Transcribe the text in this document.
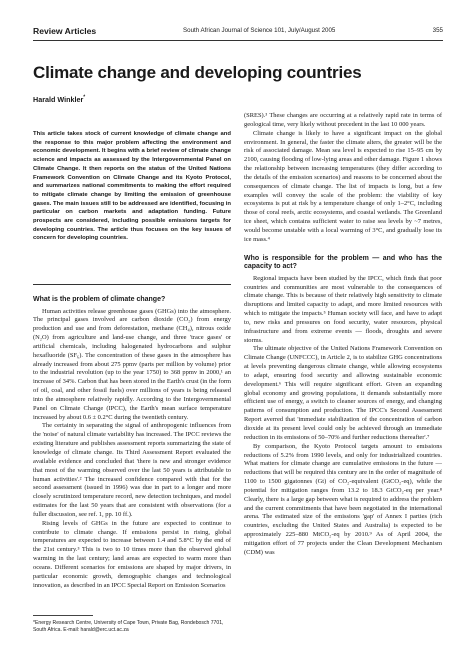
Review Articles	South African Journal of Science 101, July/August 2005	355
Climate change and developing countries
Harald Winkler*
This article takes stock of current knowledge of climate change and the response to this major problem affecting the environment and economic development. It begins with a brief review of climate change science and impacts as assessed by the Intergovernmental Panel on Climate Change. It then reports on the status of the United Nations Framework Convention on Climate Change and its Kyoto Protocol, and summarizes national commitments to making the effort required to mitigate climate change by limiting the emission of greenhouse gases. The main issues still to be addressed are identified, focusing in particular on carbon markets and adaptation funding. Future prospects are considered, including possible emissions targets for developing countries. The article thus focuses on the key issues of concern for developing countries.
What is the problem of climate change?

Human activities release greenhouse gases (GHGs) into the atmosphere. The principal gases involved are carbon dioxide (CO₂) from energy production and use and from deforestation, methane (CH₄), nitrous oxide (N₂O) from agriculture and land-use change, and three 'trace gases' or artificial chemicals, including halogenated hydrocarbons and sulphur hexafluoride (SF₆). The concentration of these gases in the atmosphere has already increased from about 275 ppmv (parts per million by volume) prior to the industrial revolution (up to the year 1750) to 368 ppmv in 2000,¹ an increase of 34%. Carbon that has been stored in the Earth's crust (in the form of oil, coal, and other fossil fuels) over millions of years is being released into the atmosphere relatively rapidly. According to the Intergovernmental Panel on Climate Change (IPCC), the Earth's mean surface temperature increased by about 0.6 ± 0.2°C during the twentieth century.

The certainty in separating the signal of anthropogenic influences from the 'noise' of natural climate variability has increased. The IPCC reviews the existing literature and publishes assessment reports summarizing the state of knowledge of climate change. Its Third Assessment Report evaluated the available evidence and concluded that 'there is new and stronger evidence that most of the warming observed over the last 50 years is attributable to human activities'.² The increased confidence compared with that for the second assessment (issued in 1996) was due in part to a longer and more closely scrutinized temperature record, new detection techniques, and model estimates for the last 50 years that are consistent with observations (for a fuller discussion, see ref. 1, pp. 10 ff.).

Rising levels of GHGs in the future are expected to continue to contribute to climate change. If emissions persist in rising, global temperatures are expected to increase between 1.4 and 5.8°C by the end of the 21st century.³ This is two to 10 times more than the observed global warming in the last century; land areas are expected to warm more than oceans. Different scenarios for emissions are shaped by major drivers, in particular economic growth, demographic changes and technological innovation, as described in an IPCC Special Report on Emission Scenarios

*Energy Research Centre, University of Cape Town, Private Bag, Rondebosch 7701, South Africa. E-mail: harald@erc.uct.ac.za

(SRES).³ These changes are occurring at a relatively rapid rate in terms of geological time, very likely without precedent in the last 10 000 years.

Climate change is likely to have a significant impact on the global environment. In general, the faster the climate alters, the greater will be the risk of associated damage. Mean sea level is expected to rise 15–95 cm by 2100, causing flooding of low-lying areas and other damage. Figure 1 shows the relationship between increasing temperatures (they differ according to the details of the emission scenarios) and reasons to be concerned about the consequences of climate change. The list of impacts is long, but a few examples will convey the scale of the problem: the viability of key ecosystems is put at risk by a temperature change of only 1–2°C, including those of coral reefs, arctic ecosystems, and coastal wetlands. The Greenland ice sheet, which contains sufficient water to raise sea levels by ~7 metres, would become unstable with a local warming of 3°C, and gradually lose its ice mass.⁴

Who is responsible for the problem — and who has the capacity to act?

Regional impacts have been studied by the IPCC, which finds that poor countries and communities are most vulnerable to the consequences of climate change. This is because of their relatively high sensitivity to climate disruptions and limited capacity to adapt, and more limited resources with which to mitigate the impacts.⁵ Human society will face, and have to adapt to, new risks and pressures on food security, water resources, physical infrastructure and from extreme events — floods, droughts and severe storms.

The ultimate objective of the United Nations Framework Convention on Climate Change (UNFCCC), in Article 2, is to stabilize GHG concentrations at levels preventing dangerous climate change, while allowing ecosystems to adapt, ensuring food security and allowing sustainable economic development.⁶ This will require significant effort. Given an expanding global economy and growing populations, it demands substantially more efficient use of energy, a switch to cleaner sources of energy, and changing patterns of consumption and production. The IPCC's Second Assessment Report averred that 'immediate stabilization of the concentration of carbon dioxide at its present level could only be achieved through an immediate reduction in its emissions of 50–70% and further reductions thereafter'.⁷

By comparison, the Kyoto Protocol targets amount to emissions reductions of 5.2% from 1990 levels, and only for industrialized countries. What matters for climate change are cumulative emissions in the future — reductions that will be required this century are in the order of magnitude of 1100 to 1500 gigatonnes (Gt) of CO₂-equivalent (GtCO₂-eq), while the potential for mitigation ranges from 13.2 to 18.3 GtCO₂-eq per year.⁸ Clearly, there is a large gap between what is required to address the problem and the current commitments that have been negotiated in the international arena. The estimated size of the emissions 'gap' of Annex I parties (rich countries, excluding the United States and Australia) is expected to be approximately 225–880 MtCO₂-eq by 2010.⁹ As of April 2004, the mitigation effort of 77 projects under the Clean Development Mechanism (CDM) was
